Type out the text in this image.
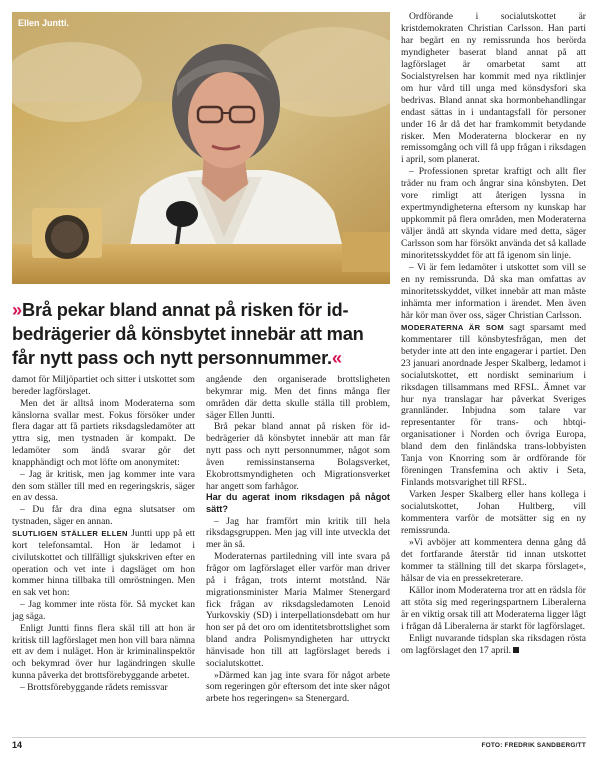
Ellen Juntti.
»Brå pekar bland annat på risken för id-bedrägerier då könsbytet innebär att man får nytt pass och nytt personnummer.«

damot för Miljöpartiet och sitter i utskottet som bereder lagförslaget.

Men det är alltså inom Moderaterna som känslorna svallar mest. Fokus försöker under flera dagar att få partiets riksdagsledamöter att yttra sig, men tystnaden är kompakt. De ledamöter som ändå svarar gör det knapphändigt och mot löfte om anonymitet:

– Jag är kritisk, men jag kommer inte vara den som ställer till med en regeringskris, säger en av dessa.

– Du får dra dina egna slutsatser om tystnaden, säger en annan.

SLUTLIGEN STÄLLER ELLEN Juntti upp på ett kort telefonsamtal. Hon är ledamot i civilutskottet och tillfälligt sjukskriven efter en operation och vet inte i dagsläget om hon kommer hinna tillbaka till omröstningen. Men en sak vet hon:

– Jag kommer inte rösta för. Så mycket kan jag säga.

Enligt Juntti finns flera skäl till att hon är kritisk till lagförslaget men hon vill bara nämna ett av dem i nuläget. Hon är kriminalinspektör och bekymrad över hur lagändringen skulle kunna påverka det brottsförebyggande arbetet.

– Brottsförebyggande rådets remissvar

angående den organiserade brottsligheten bekymrar mig. Men det finns många fler områden där detta skulle ställa till problem, säger Ellen Juntti.

Brå pekar bland annat på risken för id-bedrägerier då könsbytet innebär att man får nytt pass och nytt personnummer, något som även remissinstanserna Bolagsverket, Ekobrottsmyndigheten och Migrationsverket har angett som farhågor.

Har du agerat inom riksdagen på något sätt?

– Jag har framfört min kritik till hela riksdagsgruppen. Men jag vill inte utveckla det mer än så.

Moderaternas partiledning vill inte svara på frågor om lagförslaget eller varför man driver på i frågan, trots internt motstånd. När migrationsminister Maria Malmer Stenergard fick frågan av riksdagsledamoten Lenoid Yurkovskiy (SD) i interpellationsdebatt om hur hon ser på det oro om identitetsbrottslighet som bland andra Polismyndigheten har uttryckt hänvisade hon till att lagförslaget bereds i socialutskottet.

»Därmed kan jag inte svara för något arbete som regeringen gör eftersom det inte sker något arbete hos regeringen« sa Stenergard.

Ordförande i socialutskottet är kristdemokraten Christian Carlsson. Han parti har begärt en ny remissrunda hos berörda myndigheter baserat bland annat på att lagförslaget är omarbetat samt att Socialstyrelsen har kommit med nya riktlinjer om hur vård till unga med könsdysfori ska bedrivas. Bland annat ska hormonbehandlingar endast sättas in i undantagsfall för personer under 16 år då det har framkommit betydande risker. Men Moderaterna blockerar en ny remissomgång och vill få upp frågan i riksdagen i april, som planerat.

– Professionen spretar kraftigt och allt fler träder nu fram och ångrar sina könsbyten. Det vore rimligt att återigen lyssna in expertmyndigheterna eftersom ny kunskap har uppkommit på flera områden, men Moderaterna väljer ändå att skynda vidare med detta, säger Carlsson som har försökt använda det så kallade minoritetsskyddet för att få igenom sin linje.

– Vi är fem ledamöter i utskottet som vill se en ny remissrunda. Då ska man omfattas av minoritetsskyddet, vilket innebär att man måste inhämta mer information i ärendet. Men även här kör man över oss, säger Christian Carlsson.

MODERATERNA ÄR SOM sagt sparsamt med kommentarer till könsbytesfrågan, men det betyder inte att den inte engagerar i partiet. Den 23 januari anordnade Jesper Skalberg, ledamot i socialutskottet, ett nordiskt seminarium i riksdagen tillsammans med RFSL. Ämnet var hur nya translagar har påverkat Sveriges grannländer. Inbjudna som talare var representanter för trans- och hbtqi-organisationer i Norden och övriga Europa, bland dem den finländska trans-lobbyisten Tanja von Knorring som är ordförande för föreningen Transfemina och aktiv i Seta, Finlands motsvarighet till RFSL.

Varken Jesper Skalberg eller hans kollega i socialutskottet, Johan Hultberg, vill kommentera varför de motsätter sig en ny remissrunda.

»Vi avböjer att kommentera denna gång då det fortfarande återstår tid innan utskottet kommer ta ställning till det skarpa förslaget«, hälsar de via en pressekreterare.

Källor inom Moderaterna tror att en rädsla för att stöta sig med regeringspartnern Liberalerna är en viktig orsak till att Moderaterna ligger lågt i frågan då Liberalerna är starkt för lagförslaget.

Enligt nuvarande tidsplan ska riksdagen rösta om lagförslaget den 17 april.

14	FOTO: FREDRIK SANDBERG/TT
